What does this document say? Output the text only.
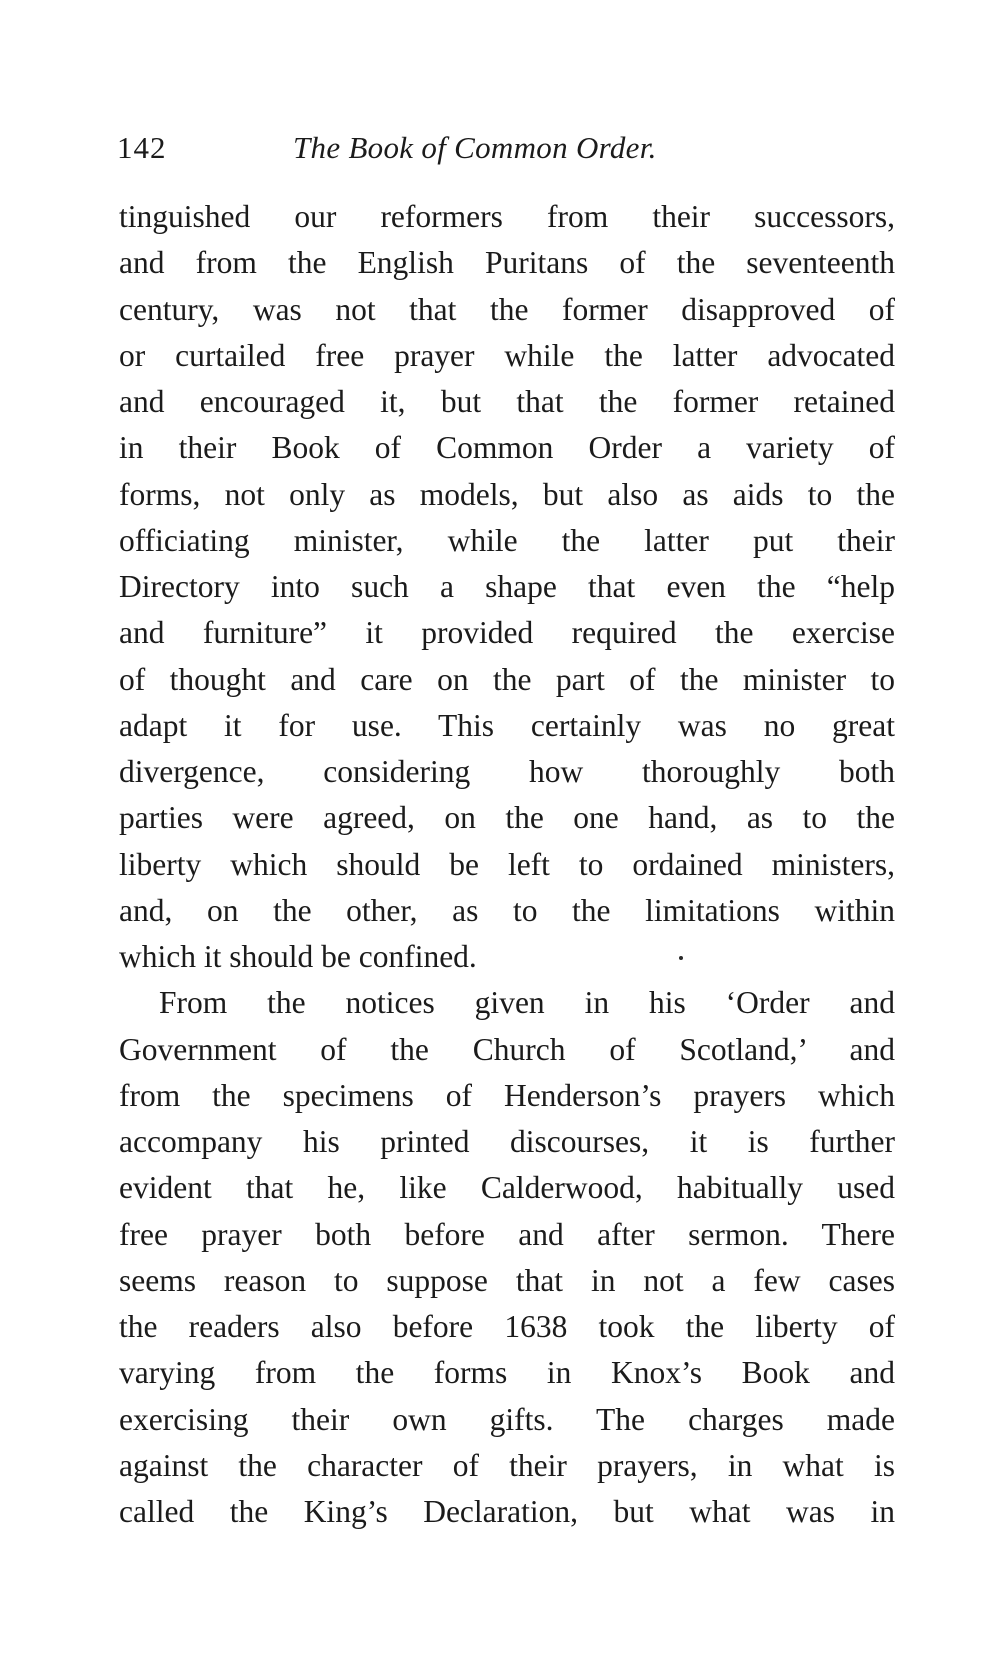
142	The Book of Common Order.
tinguished our reformers from their successors,
and from the English Puritans of the seventeenth
century, was not that the former disapproved of
or curtailed free prayer while the latter advocated
and encouraged it, but that the former retained
in their Book of Common Order a variety of
forms, not only as models, but also as aids to the
officiating minister, while the latter put their
Directory into such a shape that even the “help
and furniture” it provided required the exercise
of thought and care on the part of the minister to
adapt it for use. This certainly was no great
divergence, considering how thoroughly both
parties were agreed, on the one hand, as to the
liberty which should be left to ordained ministers,
and, on the other, as to the limitations within
which it should be confined.
From the notices given in his ‘Order and
Government of the Church of Scotland,’ and
from the specimens of Henderson’s prayers which
accompany his printed discourses, it is further
evident that he, like Calderwood, habitually used
free prayer both before and after sermon. There
seems reason to suppose that in not a few cases
the readers also before 1638 took the liberty of
varying from the forms in Knox’s Book and
exercising their own gifts. The charges made
against the character of their prayers, in what is
called the King’s Declaration, but what was in
